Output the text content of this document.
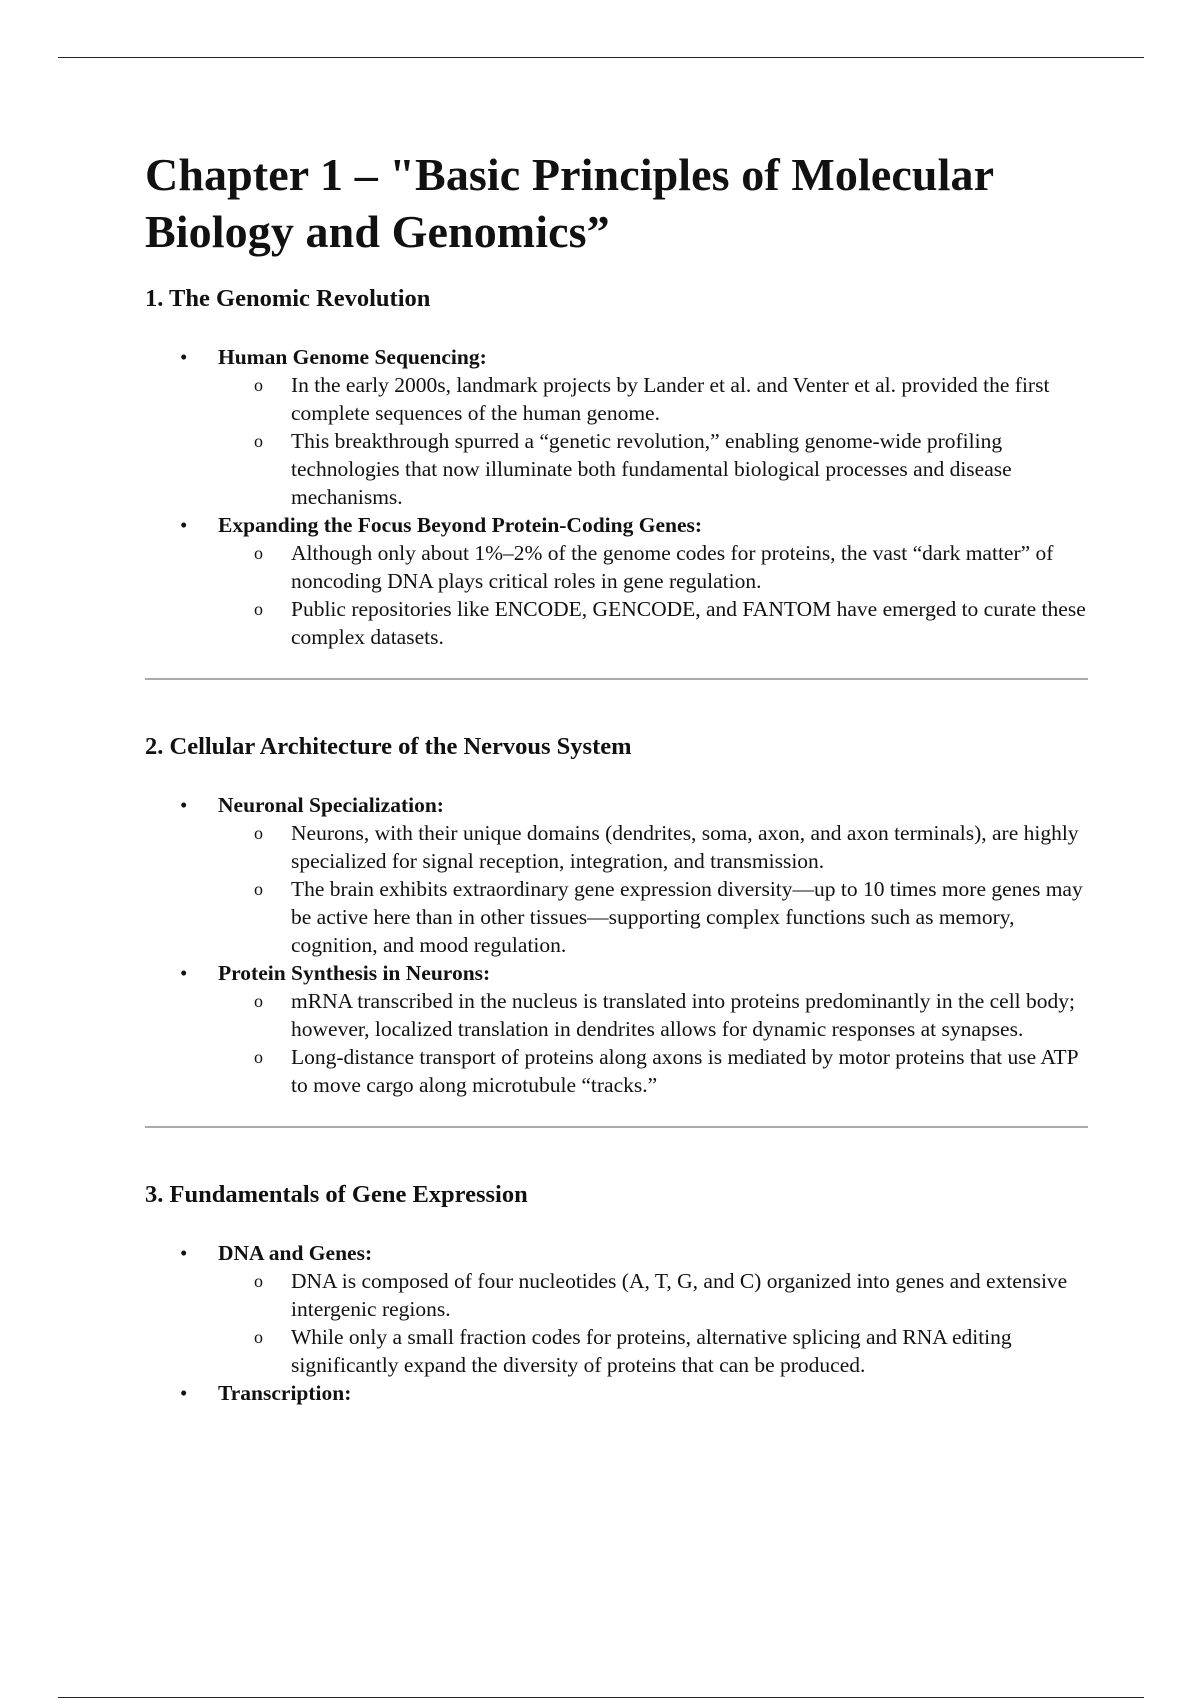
Chapter 1 – "Basic Principles of Molecular Biology and Genomics”
1. The Genomic Revolution
• Human Genome Sequencing:
o In the early 2000s, landmark projects by Lander et al. and Venter et al. provided the first complete sequences of the human genome.
o This breakthrough spurred a “genetic revolution,” enabling genome-wide profiling technologies that now illuminate both fundamental biological processes and disease mechanisms.
• Expanding the Focus Beyond Protein-Coding Genes:
o Although only about 1%–2% of the genome codes for proteins, the vast “dark matter” of noncoding DNA plays critical roles in gene regulation.
o Public repositories like ENCODE, GENCODE, and FANTOM have emerged to curate these complex datasets.
2. Cellular Architecture of the Nervous System
• Neuronal Specialization:
o Neurons, with their unique domains (dendrites, soma, axon, and axon terminals), are highly specialized for signal reception, integration, and transmission.
o The brain exhibits extraordinary gene expression diversity—up to 10 times more genes may be active here than in other tissues—supporting complex functions such as memory, cognition, and mood regulation.
• Protein Synthesis in Neurons:
o mRNA transcribed in the nucleus is translated into proteins predominantly in the cell body; however, localized translation in dendrites allows for dynamic responses at synapses.
o Long-distance transport of proteins along axons is mediated by motor proteins that use ATP to move cargo along microtubule “tracks.”
3. Fundamentals of Gene Expression
• DNA and Genes:
o DNA is composed of four nucleotides (A, T, G, and C) organized into genes and extensive intergenic regions.
o While only a small fraction codes for proteins, alternative splicing and RNA editing significantly expand the diversity of proteins that can be produced.
• Transcription:
